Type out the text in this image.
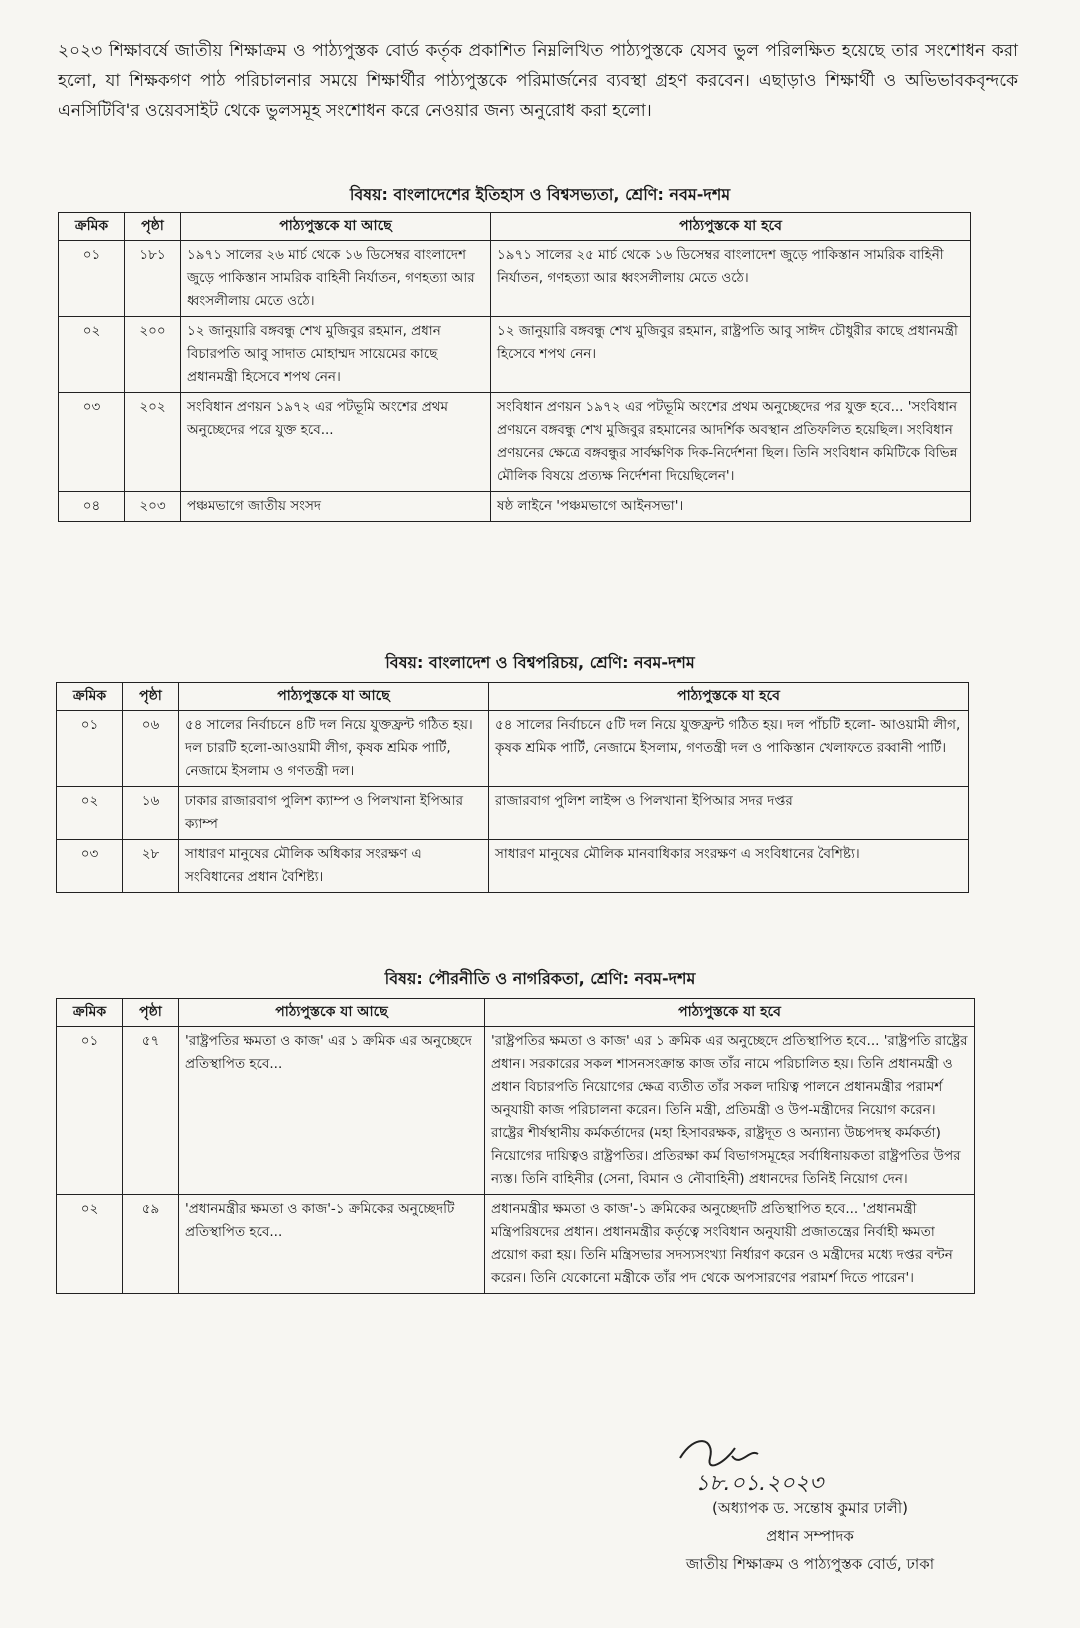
২০২৩ শিক্ষাবর্ষে জাতীয় শিক্ষাক্রম ও পাঠ্যপুস্তক বোর্ড কর্তৃক প্রকাশিত নিম্নলিখিত পাঠ্যপুস্তকে যেসব ভুল পরিলক্ষিত হয়েছে তার সংশোধন করা হলো, যা শিক্ষকগণ পাঠ পরিচালনার সময়ে শিক্ষার্থীর পাঠ্যপুস্তকে পরিমার্জনের ব্যবস্থা গ্রহণ করবেন। এছাড়াও শিক্ষার্থী ও অভিভাবকবৃন্দকে এনসিটিবি'র ওয়েবসাইট থেকে ভুলসমূহ সংশোধন করে নেওয়ার জন্য অনুরোধ করা হলো।

বিষয়: বাংলাদেশের ইতিহাস ও বিশ্বসভ্যতা, শ্রেণি: নবম-দশম
ক্রমিক	পৃষ্ঠা	পাঠ্যপুস্তকে যা আছে	পাঠ্যপুস্তকে যা হবে
০১	১৮১	১৯৭১ সালের ২৬ মার্চ থেকে ১৬ ডিসেম্বর বাংলাদেশ জুড়ে পাকিস্তান সামরিক বাহিনী নির্যাতন, গণহত্যা আর ধ্বংসলীলায় মেতে ওঠে।	১৯৭১ সালের ২৫ মার্চ থেকে ১৬ ডিসেম্বর বাংলাদেশ জুড়ে পাকিস্তান সামরিক বাহিনী নির্যাতন, গণহত্যা আর ধ্বংসলীলায় মেতে ওঠে।
০২	২০০	১২ জানুয়ারি বঙ্গবন্ধু শেখ মুজিবুর রহমান, প্রধান বিচারপতি আবু সাদাত মোহাম্মদ সায়েমের কাছে প্রধানমন্ত্রী হিসেবে শপথ নেন।	১২ জানুয়ারি বঙ্গবন্ধু শেখ মুজিবুর রহমান, রাষ্ট্রপতি আবু সাঈদ চৌধুরীর কাছে প্রধানমন্ত্রী হিসেবে শপথ নেন।
০৩	২০২	সংবিধান প্রণয়ন ১৯৭২ এর পটভূমি অংশের প্রথম অনুচ্ছেদের পরে যুক্ত হবে...	সংবিধান প্রণয়ন ১৯৭২ এর পটভূমি অংশের প্রথম অনুচ্ছেদের পর যুক্ত হবে... 'সংবিধান প্রণয়নে বঙ্গবন্ধু শেখ মুজিবুর রহমানের আদর্শিক অবস্থান প্রতিফলিত হয়েছিল। সংবিধান প্রণয়নের ক্ষেত্রে বঙ্গবন্ধুর সার্বক্ষণিক দিক-নির্দেশনা ছিল। তিনি সংবিধান কমিটিকে বিভিন্ন মৌলিক বিষয়ে প্রত্যক্ষ নির্দেশনা দিয়েছিলেন'।
০৪	২০৩	পঞ্চমভাগে জাতীয় সংসদ	ষষ্ঠ লাইনে 'পঞ্চমভাগে আইনসভা'।
বিষয়: বাংলাদেশ ও বিশ্বপরিচয়, শ্রেণি: নবম-দশম
ক্রমিক	পৃষ্ঠা	পাঠ্যপুস্তকে যা আছে	পাঠ্যপুস্তকে যা হবে
০১	০৬	৫৪ সালের নির্বাচনে ৪টি দল নিয়ে যুক্তফ্রন্ট গঠিত হয়। দল চারটি হলো-আওয়ামী লীগ, কৃষক শ্রমিক পার্টি, নেজামে ইসলাম ও গণতন্ত্রী দল।	৫৪ সালের নির্বাচনে ৫টি দল নিয়ে যুক্তফ্রন্ট গঠিত হয়। দল পাঁচটি হলো- আওয়ামী লীগ, কৃষক শ্রমিক পার্টি, নেজামে ইসলাম, গণতন্ত্রী দল ও পাকিস্তান খেলাফতে রব্বানী পার্টি।
০২	১৬	ঢাকার রাজারবাগ পুলিশ ক্যাম্প ও পিলখানা ইপিআর ক্যাম্প	রাজারবাগ পুলিশ লাইন্স ও পিলখানা ইপিআর সদর দপ্তর
০৩	২৮	সাধারণ মানুষের মৌলিক অধিকার সংরক্ষণ এ সংবিধানের প্রধান বৈশিষ্ট্য।	সাধারণ মানুষের মৌলিক মানবাধিকার সংরক্ষণ এ সংবিধানের বৈশিষ্ট্য।
বিষয়: পৌরনীতি ও নাগরিকতা, শ্রেণি: নবম-দশম
ক্রমিক	পৃষ্ঠা	পাঠ্যপুস্তকে যা আছে	পাঠ্যপুস্তকে যা হবে
০১	৫৭	'রাষ্ট্রপতির ক্ষমতা ও কাজ' এর ১ ক্রমিক এর অনুচ্ছেদে প্রতিস্থাপিত হবে...	'রাষ্ট্রপতির ক্ষমতা ও কাজ' এর ১ ক্রমিক এর অনুচ্ছেদে প্রতিস্থাপিত হবে... 'রাষ্ট্রপতি রাষ্ট্রের প্রধান। সরকারের সকল শাসনসংক্রান্ত কাজ তাঁর নামে পরিচালিত হয়। তিনি প্রধানমন্ত্রী ও প্রধান বিচারপতি নিয়োগের ক্ষেত্র ব্যতীত তাঁর সকল দায়িত্ব পালনে প্রধানমন্ত্রীর পরামর্শ অনুযায়ী কাজ পরিচালনা করেন। তিনি মন্ত্রী, প্রতিমন্ত্রী ও উপ-মন্ত্রীদের নিয়োগ করেন। রাষ্ট্রের শীর্ষস্থানীয় কর্মকর্তাদের (মহা হিসাবরক্ষক, রাষ্ট্রদূত ও অন্যান্য উচ্চপদস্থ কর্মকর্তা) নিয়োগের দায়িত্বও রাষ্ট্রপতির। প্রতিরক্ষা কর্ম বিভাগসমূহের সর্বাধিনায়কতা রাষ্ট্রপতির উপর ন্যস্ত। তিনি বাহিনীর (সেনা, বিমান ও নৌবাহিনী) প্রধানদের তিনিই নিয়োগ দেন।
০২	৫৯	'প্রধানমন্ত্রীর ক্ষমতা ও কাজ'-১ ক্রমিকের অনুচ্ছেদটি প্রতিস্থাপিত হবে...	প্রধানমন্ত্রীর ক্ষমতা ও কাজ'-১ ক্রমিকের অনুচ্ছেদটি প্রতিস্থাপিত হবে... 'প্রধানমন্ত্রী মন্ত্রিপরিষদের প্রধান। প্রধানমন্ত্রীর কর্তৃত্বে সংবিধান অনুযায়ী প্রজাতন্ত্রের নির্বাহী ক্ষমতা প্রয়োগ করা হয়। তিনি মন্ত্রিসভার সদস্যসংখ্যা নির্ধারণ করেন ও মন্ত্রীদের মধ্যে দপ্তর বন্টন করেন। তিনি যেকোনো মন্ত্রীকে তাঁর পদ থেকে অপসারণের পরামর্শ দিতে পারেন'।
১৮.০১.২০২৩
(অধ্যাপক ড. সন্তোষ কুমার ঢালী)
প্রধান সম্পাদক
জাতীয় শিক্ষাক্রম ও পাঠ্যপুস্তক বোর্ড, ঢাকা
